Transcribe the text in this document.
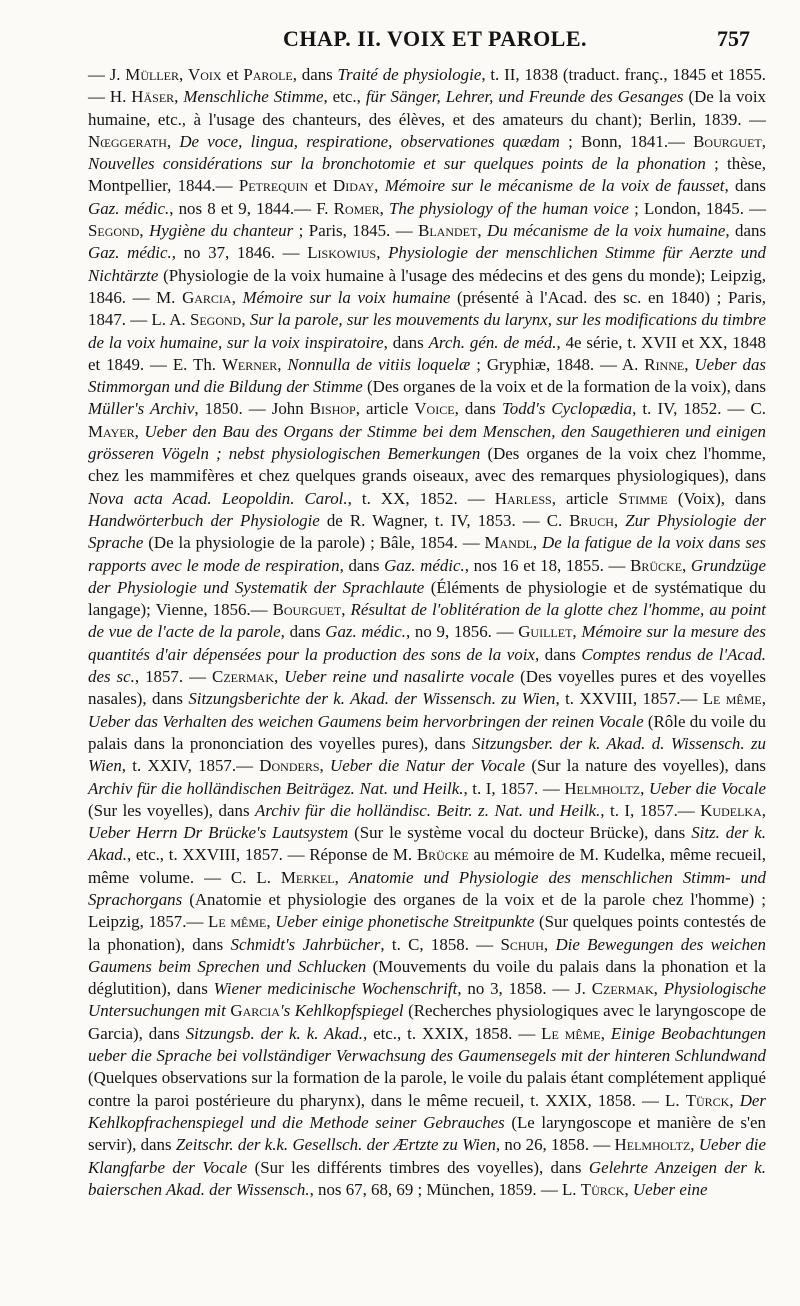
CHAP. II. VOIX ET PAROLE.	757
— J. Müller, Voix et Parole, dans Traité de physiologie, t. II, 1838 (traduct. franç., 1845 et 1855.— H. Häser, Menschliche Stimme, etc., für Sänger, Lehrer, und Freunde des Gesanges (De la voix humaine, etc., à l'usage des chanteurs, des élèves, et des amateurs du chant); Berlin, 1839. — Nœggerath, De voce, lingua, respiratione, observationes quædam ; Bonn, 1841.— Bourguet, Nouvelles considérations sur la bronchotomie et sur quelques points de la phonation ; thèse, Montpellier, 1844.— Petrequin et Diday, Mémoire sur le mécanisme de la voix de fausset, dans Gaz. médic., nos 8 et 9, 1844.— F. Romer, The physiology of the human voice ; London, 1845. — Segond, Hygiène du chanteur ; Paris, 1845. — Blandet, Du mécanisme de la voix humaine, dans Gaz. médic., no 37, 1846. — Liskowius, Physiologie der menschlichen Stimme für Aerzte und Nichtärzte (Physiologie de la voix humaine à l'usage des médecins et des gens du monde); Leipzig, 1846. — M. Garcia, Mémoire sur la voix humaine (présenté à l'Acad. des sc. en 1840) ; Paris, 1847. — L. A. Segond, Sur la parole, sur les mouvements du larynx, sur les modifications du timbre de la voix humaine, sur la voix inspiratoire, dans Arch. gén. de méd., 4e série, t. XVII et XX, 1848 et 1849. — E. Th. Werner, Nonnulla de vitiis loquelæ ; Gryphiæ, 1848. — A. Rinne, Ueber das Stimmorgan und die Bildung der Stimme (Des organes de la voix et de la formation de la voix), dans Müller's Archiv, 1850. — John Bishop, article Voice, dans Todd's Cyclopædia, t. IV, 1852. — C. Mayer, Ueber den Bau des Organs der Stimme bei dem Menschen, den Saugethieren und einigen grösseren Vögeln ; nebst physiologischen Bemerkungen (Des organes de la voix chez l'homme, chez les mammifères et chez quelques grands oiseaux, avec des remarques physiologiques), dans Nova acta Acad. Leopoldin. Carol., t. XX, 1852. — Harless, article Stimme (Voix), dans Handwörterbuch der Physiologie de R. Wagner, t. IV, 1853. — C. Bruch, Zur Physiologie der Sprache (De la physiologie de la parole) ; Bâle, 1854. — Mandl, De la fatigue de la voix dans ses rapports avec le mode de respiration, dans Gaz. médic., nos 16 et 18, 1855. — Brücke, Grundzüge der Physiologie und Systematik der Sprachlaute (Éléments de physiologie et de systématique du langage); Vienne, 1856.— Bourguet, Résultat de l'oblitération de la glotte chez l'homme, au point de vue de l'acte de la parole, dans Gaz. médic., no 9, 1856. — Guillet, Mémoire sur la mesure des quantités d'air dépensées pour la production des sons de la voix, dans Comptes rendus de l'Acad. des sc., 1857. — Czermak, Ueber reine und nasalirte vocale (Des voyelles pures et des voyelles nasales), dans Sitzungsberichte der k. Akad. der Wissensch. zu Wien, t. XXVIII, 1857.— Le même, Ueber das Verhalten des weichen Gaumens beim hervorbringen der reinen Vocale (Rôle du voile du palais dans la prononciation des voyelles pures), dans Sitzungsber. der k. Akad. d. Wissensch. zu Wien, t. XXIV, 1857.— Donders, Ueber die Natur der Vocale (Sur la nature des voyelles), dans Archiv für die holländischen Beiträgez. Nat. und Heilk., t. I, 1857. — Helmholtz, Ueber die Vocale (Sur les voyelles), dans Archiv für die holländisc. Beitr. z. Nat. und Heilk., t. I, 1857.— Kudelka, Ueber Herrn Dr Brücke's Lautsystem (Sur le système vocal du docteur Brücke), dans Sitz. der k. Akad., etc., t. XXVIII, 1857. — Réponse de M. Brücke au mémoire de M. Kudelka, même recueil, même volume. — C. L. Merkel, Anatomie und Physiologie des menschlichen Stimm- und Sprachorgans (Anatomie et physiologie des organes de la voix et de la parole chez l'homme) ; Leipzig, 1857.— Le même, Ueber einige phonetische Streitpunkte (Sur quelques points contestés de la phonation), dans Schmidt's Jahrbücher, t. C, 1858. — Schuh, Die Bewegungen des weichen Gaumens beim Sprechen und Schlucken (Mouvements du voile du palais dans la phonation et la déglutition), dans Wiener medicinische Wochenschrift, no 3, 1858. — J. Czermak, Physiologische Untersuchungen mit Garcia's Kehlkopfspiegel (Recherches physiologiques avec le laryngoscope de Garcia), dans Sitzungsb. der k. k. Akad., etc., t. XXIX, 1858. — Le même, Einige Beobachtungen ueber die Sprache bei vollständiger Verwachsung des Gaumensegels mit der hinteren Schlundwand (Quelques observations sur la formation de la parole, le voile du palais étant complétement appliqué contre la paroi postérieure du pharynx), dans le même recueil, t. XXIX, 1858. — L. Türck, Der Kehlkopfrachenspiegel und die Methode seiner Gebrauches (Le laryngoscope et manière de s'en servir), dans Zeitschr. der k.k. Gesellsch. der Ærtzte zu Wien, no 26, 1858. — Helmholtz, Ueber die Klangfarbe der Vocale (Sur les différents timbres des voyelles), dans Gelehrte Anzeigen der k. baierschen Akad. der Wissensch., nos 67, 68, 69 ; München, 1859. — L. Türck, Ueber eine
